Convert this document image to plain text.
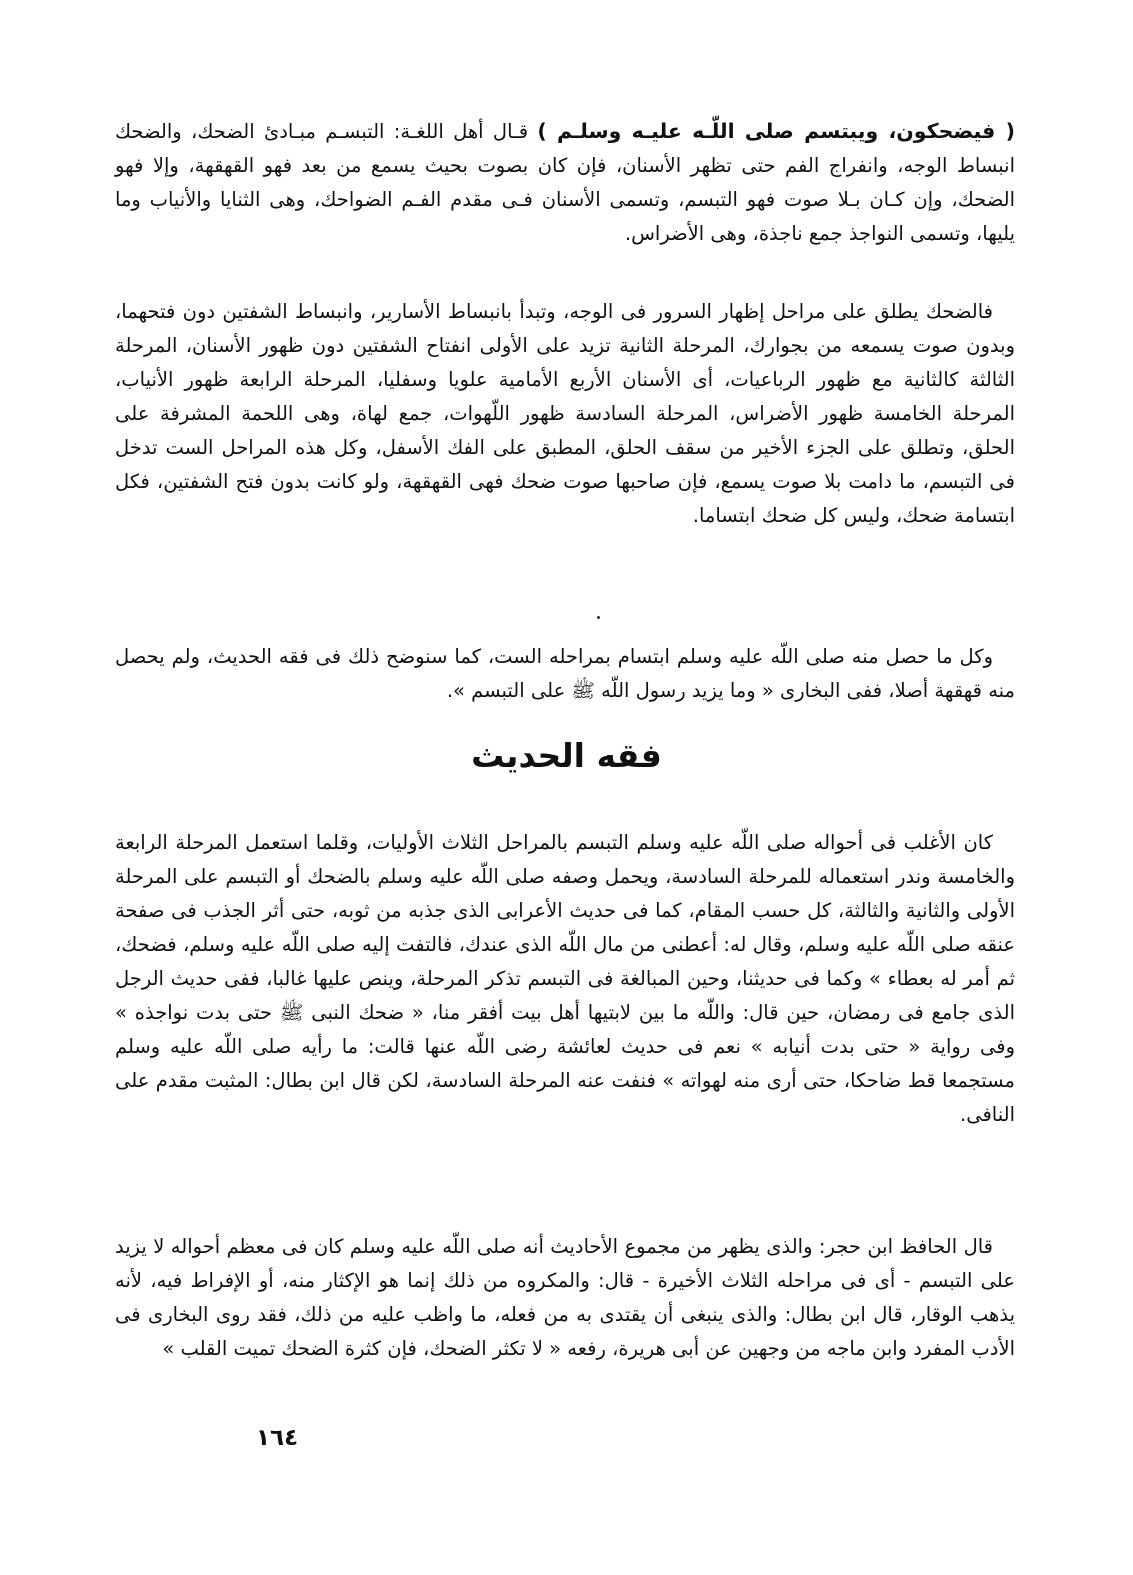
( فيضحكون، ويبتسم صلى اللّـه عليـه وسلـم ) قـال أهل اللغـة: التبسـم مبـادئ الضحك، والضحك انبساط الوجه، وانفراج الفم حتى تظهر الأسنان، فإن كان بصوت بحيث يسمع من بعد فهو القهقهة، وإلا فهو الضحك، وإن كـان بـلا صوت فهو التبسم، وتسمى الأسنان فـى مقدم الفـم الضواحك، وهى الثنايا والأنياب وما يليها، وتسمى النواجذ جمع ناجذة، وهى الأضراس.

فالضحك يطلق على مراحل إظهار السرور فى الوجه، وتبدأ بانبساط الأسارير، وانبساط الشفتين دون فتحهما، وبدون صوت يسمعه من بجوارك، المرحلة الثانية تزيد على الأولى انفتاح الشفتين دون ظهور الأسنان، المرحلة الثالثة كالثانية مع ظهور الرباعيات، أى الأسنان الأربع الأمامية علويا وسفليا، المرحلة الرابعة ظهور الأنياب، المرحلة الخامسة ظهور الأضراس، المرحلة السادسة ظهور اللّهوات، جمع لهاة، وهى اللحمة المشرفة على الحلق، وتطلق على الجزء الأخير من سقف الحلق، المطبق على الفك الأسفل، وكل هذه المراحل الست تدخل فى التبسم، ما دامت بلا صوت يسمع، فإن صاحبها صوت ضحك فهى القهقهة، ولو كانت بدون فتح الشفتين، فكل ابتسامة ضحك، وليس كل ضحك ابتساما.

وكل ما حصل منه صلى اللّه عليه وسلم ابتسام بمراحله الست، كما سنوضح ذلك فى فقه الحديث، ولم يحصل منه قهقهة أصلا، ففى البخارى « وما يزيد رسول اللّه ﷺ على التبسم ».

فقه الحديث

كان الأغلب فى أحواله صلى اللّه عليه وسلم التبسم بالمراحل الثلاث الأوليات، وقلما استعمل المرحلة الرابعة والخامسة وندر استعماله للمرحلة السادسة، ويحمل وصفه صلى اللّه عليه وسلم بالضحك أو التبسم على المرحلة الأولى والثانية والثالثة، كل حسب المقام، كما فى حديث الأعرابى الذى جذبه من ثوبه، حتى أثر الجذب فى صفحة عنقه صلى اللّه عليه وسلم، وقال له: أعطنى من مال اللّه الذى عندك، فالتفت إليه صلى اللّه عليه وسلم، فضحك، ثم أمر له بعطاء » وكما فى حديثنا، وحين المبالغة فى التبسم تذكر المرحلة، وينص عليها غالبا، ففى حديث الرجل الذى جامع فى رمضان، حين قال: واللّه ما بين لابتيها أهل بيت أفقر منا، « ضحك النبى ﷺ حتى بدت نواجذه » وفى رواية « حتى بدت أنيابه » نعم فى حديث لعائشة رضى اللّه عنها قالت: ما رأيه صلى اللّه عليه وسلم مستجمعا قط ضاحكا، حتى أرى منه لهواته » فنفت عنه المرحلة السادسة، لكن قال ابن بطال: المثبت مقدم على النافى.

قال الحافظ ابن حجر: والذى يظهر من مجموع الأحاديث أنه صلى اللّه عليه وسلم كان فى معظم أحواله لا يزيد على التبسم - أى فى مراحله الثلاث الأخيرة - قال: والمكروه من ذلك إنما هو الإكثار منه، أو الإفراط فيه، لأنه يذهب الوقار، قال ابن بطال: والذى ينبغى أن يقتدى به من فعله، ما واظب عليه من ذلك، فقد روى البخارى فى الأدب المفرد وابن ماجه من وجهين عن أبى هريرة، رفعه « لا تكثر الضحك، فإن كثرة الضحك تميت القلب »

١٦٤
